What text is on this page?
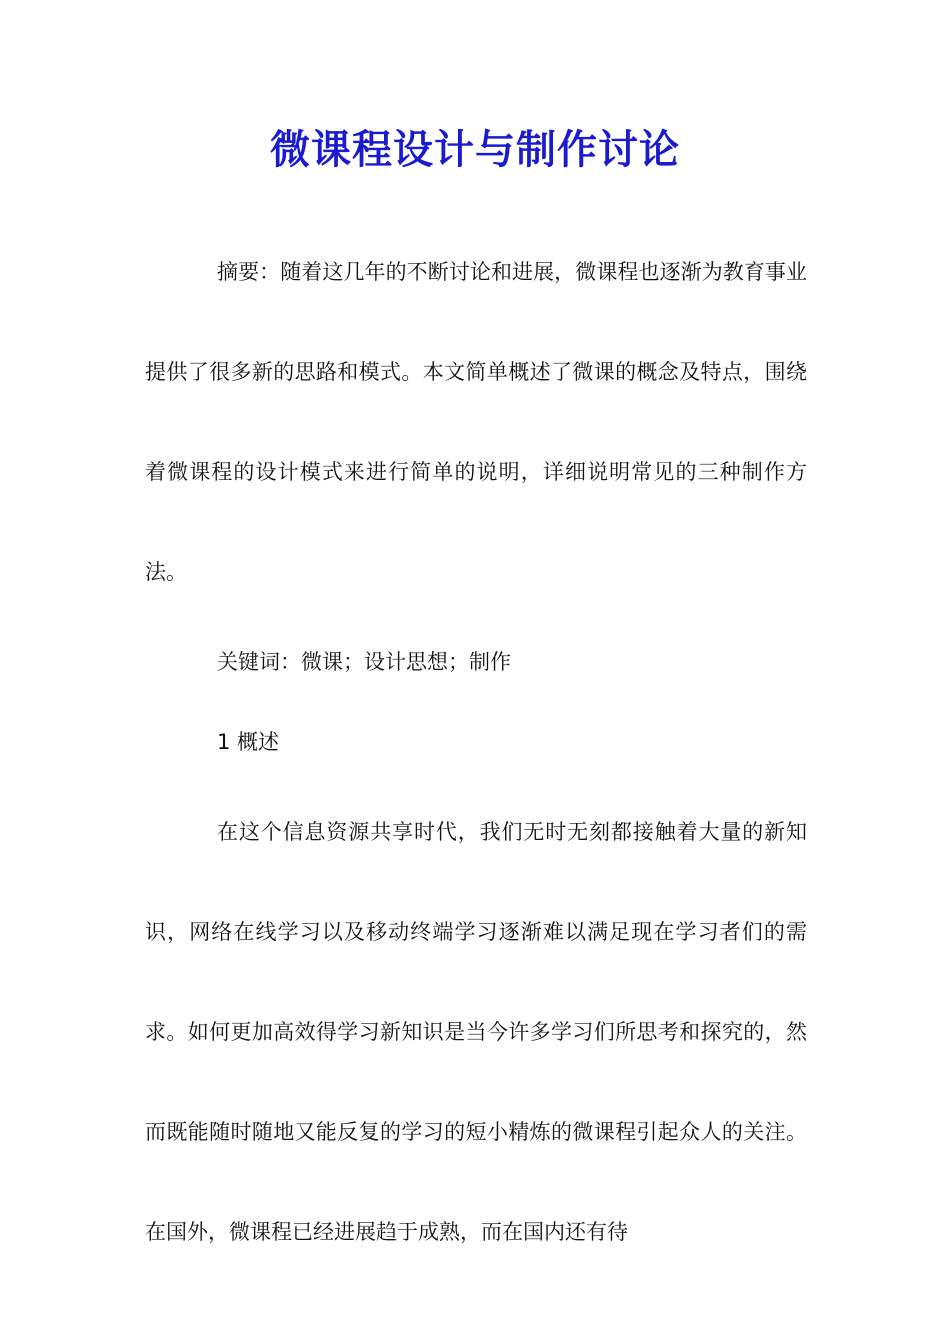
微课程设计与制作讨论

摘要：随着这几年的不断讨论和进展，微课程也逐渐为教育事业提供了很多新的思路和模式。本文简单概述了微课的概念及特点，围绕着微课程的设计模式来进行简单的说明，详细说明常见的三种制作方法。

关键词：微课；设计思想；制作

1 概述

在这个信息资源共享时代，我们无时无刻都接触着大量的新知识，网络在线学习以及移动终端学习逐渐难以满足现在学习者们的需求。如何更加高效得学习新知识是当今许多学习们所思考和探究的，然而既能随时随地又能反复的学习的短小精炼的微课程引起众人的关注。在国外，微课程已经进展趋于成熟，而在国内还有待
